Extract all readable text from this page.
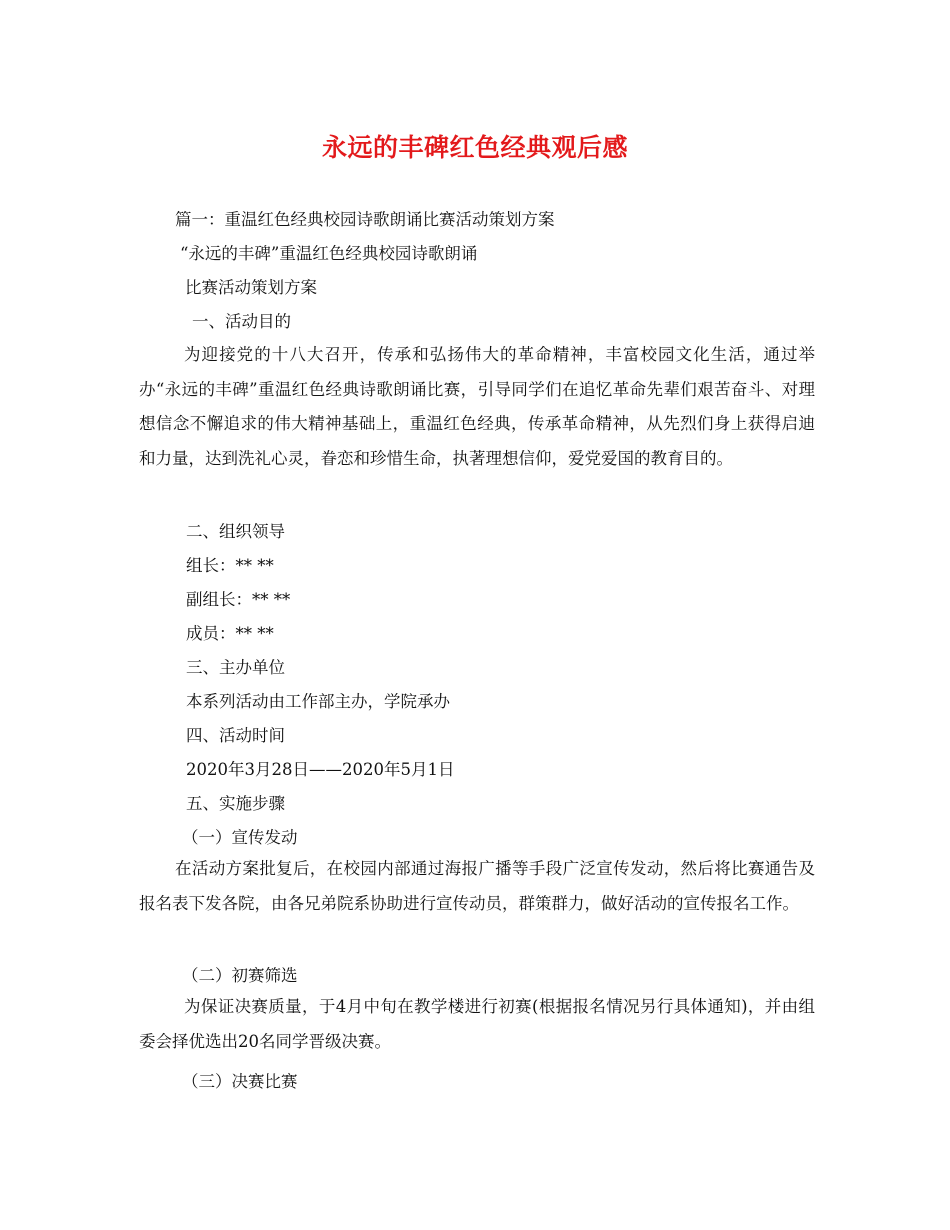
永远的丰碑红色经典观后感
篇一：重温红色经典校园诗歌朗诵比赛活动策划方案
“永远的丰碑”重温红色经典校园诗歌朗诵
比赛活动策划方案
一、活动目的
为迎接党的十八大召开，传承和弘扬伟大的革命精神，丰富校园文化生活，通过举办“永远的丰碑”重温红色经典诗歌朗诵比赛，引导同学们在追忆革命先辈们艰苦奋斗、对理想信念不懈追求的伟大精神基础上，重温红色经典，传承革命精神，从先烈们身上获得启迪和力量，达到洗礼心灵，眷恋和珍惜生命，执著理想信仰，爱党爱国的教育目的。
二、组织领导
组长：** **
副组长：** **
成员：** **
三、主办单位
本系列活动由工作部主办，学院承办
四、活动时间
2020年3月28日——2020年5月1日
五、实施步骤
（一）宣传发动
在活动方案批复后，在校园内部通过海报广播等手段广泛宣传发动，然后将比赛通告及报名表下发各院，由各兄弟院系协助进行宣传动员，群策群力，做好活动的宣传报名工作。
（二）初赛筛选
为保证决赛质量，于4月中旬在教学楼进行初赛(根据报名情况另行具体通知)，并由组委会择优选出20名同学晋级决赛。
（三）决赛比赛
